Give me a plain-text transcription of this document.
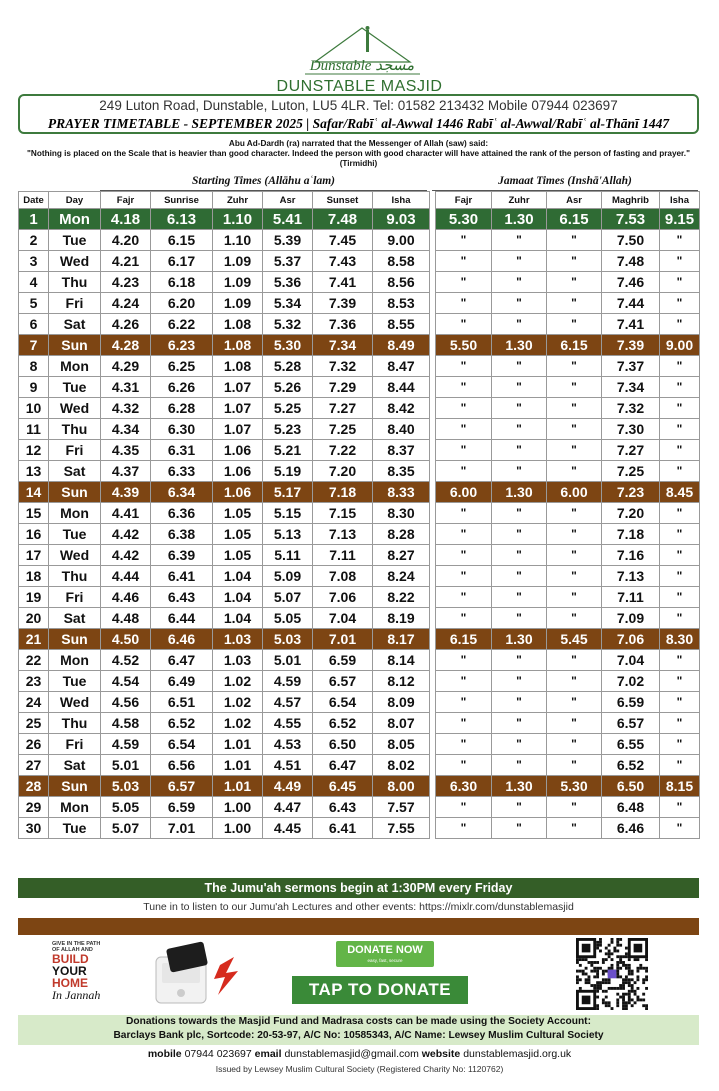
Dunstable مسجد
DUNSTABLE MASJID
249 Luton Road, Dunstable, Luton, LU5 4LR. Tel: 01582 213432 Mobile 07944 023697
PRAYER TIMETABLE - SEPTEMBER 2025 | Safar/Rabīʿ al-Awwal 1446 Rabīʿ al-Awwal/Rabīʿ al-Thānī 1447
Abu Ad-Dardh (ra) narrated that the Messenger of Allah (saw) said:
"Nothing is placed on the Scale that is heavier than good character. Indeed the person with good character will have attained the rank of the person of fasting and prayer." (Tirmidhi)
Starting Times (Allāhu aʿlam)	Jamaat Times (Inshā'Allah)
Date	Day	Fajr	Sunrise	Zuhr	Asr	Sunset	Isha		Fajr	Zuhr	Asr	Maghrib	Isha
1	Mon	4.18	6.13	1.10	5.41	7.48	9.03		5.30	1.30	6.15	7.53	9.15
2	Tue	4.20	6.15	1.10	5.39	7.45	9.00		"	"	"	7.50	"
3	Wed	4.21	6.17	1.09	5.37	7.43	8.58		"	"	"	7.48	"
4	Thu	4.23	6.18	1.09	5.36	7.41	8.56		"	"	"	7.46	"
5	Fri	4.24	6.20	1.09	5.34	7.39	8.53		"	"	"	7.44	"
6	Sat	4.26	6.22	1.08	5.32	7.36	8.55		"	"	"	7.41	"
7	Sun	4.28	6.23	1.08	5.30	7.34	8.49		5.50	1.30	6.15	7.39	9.00
8	Mon	4.29	6.25	1.08	5.28	7.32	8.47		"	"	"	7.37	"
9	Tue	4.31	6.26	1.07	5.26	7.29	8.44		"	"	"	7.34	"
10	Wed	4.32	6.28	1.07	5.25	7.27	8.42		"	"	"	7.32	"
11	Thu	4.34	6.30	1.07	5.23	7.25	8.40		"	"	"	7.30	"
12	Fri	4.35	6.31	1.06	5.21	7.22	8.37		"	"	"	7.27	"
13	Sat	4.37	6.33	1.06	5.19	7.20	8.35		"	"	"	7.25	"
14	Sun	4.39	6.34	1.06	5.17	7.18	8.33		6.00	1.30	6.00	7.23	8.45
15	Mon	4.41	6.36	1.05	5.15	7.15	8.30		"	"	"	7.20	"
16	Tue	4.42	6.38	1.05	5.13	7.13	8.28		"	"	"	7.18	"
17	Wed	4.42	6.39	1.05	5.11	7.11	8.27		"	"	"	7.16	"
18	Thu	4.44	6.41	1.04	5.09	7.08	8.24		"	"	"	7.13	"
19	Fri	4.46	6.43	1.04	5.07	7.06	8.22		"	"	"	7.11	"
20	Sat	4.48	6.44	1.04	5.05	7.04	8.19		"	"	"	7.09	"
21	Sun	4.50	6.46	1.03	5.03	7.01	8.17		6.15	1.30	5.45	7.06	8.30
22	Mon	4.52	6.47	1.03	5.01	6.59	8.14		"	"	"	7.04	"
23	Tue	4.54	6.49	1.02	4.59	6.57	8.12		"	"	"	7.02	"
24	Wed	4.56	6.51	1.02	4.57	6.54	8.09		"	"	"	6.59	"
25	Thu	4.58	6.52	1.02	4.55	6.52	8.07		"	"	"	6.57	"
26	Fri	4.59	6.54	1.01	4.53	6.50	8.05		"	"	"	6.55	"
27	Sat	5.01	6.56	1.01	4.51	6.47	8.02		"	"	"	6.52	"
28	Sun	5.03	6.57	1.01	4.49	6.45	8.00		6.30	1.30	5.30	6.50	8.15
29	Mon	5.05	6.59	1.00	4.47	6.43	7.57		"	"	"	6.48	"
30	Tue	5.07	7.01	1.00	4.45	6.41	7.55		"	"	"	6.46	"
The Jumu'ah sermons begin at 1:30PM every Friday
Tune in to listen to our Jumu'ah Lectures and other events: https://mixlr.com/dunstablemasjid
GIVE IN THE PATH
OF ALLAH AND
BUILD
YOUR
HOME
In Jannah
DONATE NOW
easy, fast, secure
TAP TO DONATE
Donations towards the Masjid Fund and Madrasa costs can be made using the Society Account:
Barclays Bank plc, Sortcode: 20-53-97, A/C No: 10585343, A/C Name: Lewsey Muslim Cultural Society
mobile 07944 023697 email dunstablemasjid@gmail.com website dunstablemasjid.org.uk
Issued by Lewsey Muslim Cultural Society (Registered Charity No: 1120762)
